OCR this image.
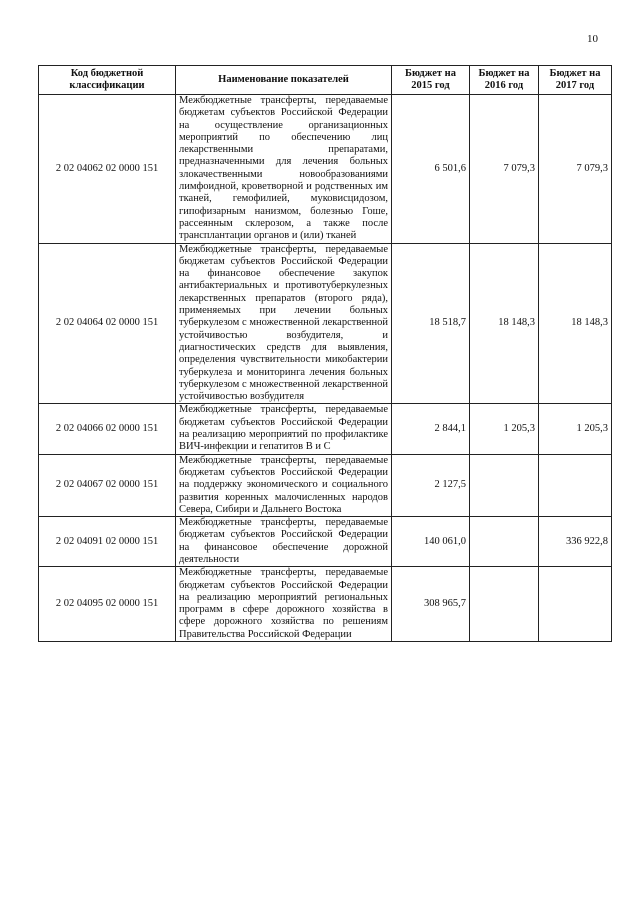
10
Код бюджетной классификации	Наименование показателей	Бюджет на 2015 год	Бюджет на 2016 год	Бюджет на 2017 год
2 02 04062 02 0000 151	Межбюджетные трансферты, передаваемые бюджетам субъектов Российской Федерации на осуществление организационных мероприятий по обеспечению лиц лекарственными препаратами, предназначенными для лечения больных злокачественными новообразованиями лимфоидной, кроветворной и родственных им тканей, гемофилией, муковисцидозом, гипофизарным нанизмом, болезнью Гоше, рассеянным склерозом, а также после трансплантации органов и (или) тканей	6 501,6	7 079,3	7 079,3
2 02 04064 02 0000 151	Межбюджетные трансферты, передаваемые бюджетам субъектов Российской Федерации на финансовое обеспечение закупок антибактериальных и противотуберкулезных лекарственных препаратов (второго ряда), применяемых при лечении больных туберкулезом с множественной лекарственной устойчивостью возбудителя, и диагностических средств для выявления, определения чувствительности микобактерии туберкулеза и мониторинга лечения больных туберкулезом с множественной лекарственной устойчивостью возбудителя	18 518,7	18 148,3	18 148,3
2 02 04066 02 0000 151	Межбюджетные трансферты, передаваемые бюджетам субъектов Российской Федерации на реализацию мероприятий по профилактике ВИЧ-инфекции и гепатитов B и C	2 844,1	1 205,3	1 205,3
2 02 04067 02 0000 151	Межбюджетные трансферты, передаваемые бюджетам субъектов Российской Федерации на поддержку экономического и социального развития коренных малочисленных народов Севера, Сибири и Дальнего Востока	2 127,5		
2 02 04091 02 0000 151	Межбюджетные трансферты, передаваемые бюджетам субъектов Российской Федерации на финансовое обеспечение дорожной деятельности	140 061,0		336 922,8
2 02 04095 02 0000 151	Межбюджетные трансферты, передаваемые бюджетам субъектов Российской Федерации на реализацию мероприятий региональных программ в сфере дорожного хозяйства в сфере дорожного хозяйства по решениям Правительства Российской Федерации	308 965,7		
